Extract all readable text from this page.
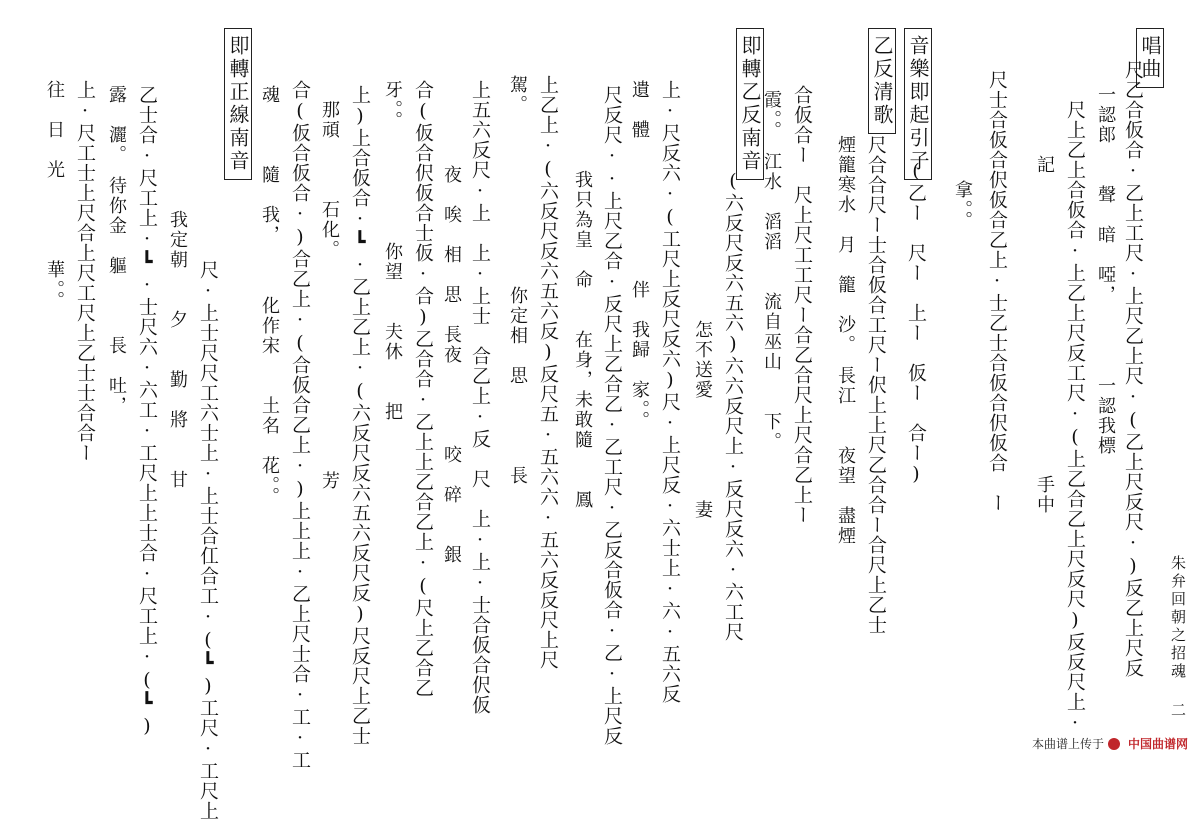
唱曲
音樂即起引子
乙反清歌
即轉乙反南音
即轉正線南音
朱弁回朝之招魂 二
尺乙合仮合·乙上工尺·上尺乙上尺·(乙上尺反尺·)反乙上尺反
一認郎　　聲　暗　啞，　　　　一認我標
尺上乙上合仮合·上乙上尺反工尺·(上乙合乙上尺反尺)反反尺上·
記　　　　　　　　　　　　　　　手中
尺士合仮合伬仮合乙上·士乙士合仮合伬仮合　ー
拿。。
(乙ー　尺ー　上ー　仮ー　合ー)
尺合合尺ー士合仮合工尺ー伬上上尺乙合合ー合尺上乙士
煙籠寒水　月　籠　沙。　長江　　夜望　盡煙
合仮合ー　尺上尺工工尺ー合乙合尺上尺合乙上ー
霞。。　江水　滔滔　　流自巫山　　下。
(六反尺反六五六)六六反尺上·反尺反六·六工尺
怎不送愛　　　　　妻
上·尺反六·(工尺上反尺反六)尺·上尺反·六士上·六·五六反
遺　體　　　　　　　伴　我歸　家。。
尺反尺··上尺乙合·反尺上乙合乙·乙工尺·乙反合仮合·乙·上尺反
我只為皇　命　　在身，未敢隨　　鳳
上乙上·(六反尺反六五六反)反尺五·五六六·五六反反尺上尺
駕。　　　　　　　　　你定相　思　　　　長
上五六反尺·上　上·上士　合乙上·反　尺　上·上·士合仮合伬仮
夜　唉　相　思　長夜　　　　咬　碎　　銀
合(仮合伬仮合士仮·合)乙合合·乙上上乙合乙上·(尺上乙合乙
牙。。　　　　　　你望　　夫休　　把
上)上合仮合·┗·乙上乙上·(六反尺反六五六反尺反)尺反尺上乙士
那頑　　　石化。　　　　　　　　　　　芳
合(仮合仮合·)合乙上·(合仮合乙上·)上上上·乙上尺士合·工·工
魂　　　隨　我，　　　化作宋　　土名　花。。
尺·上士尺尺工六士上·上士合仜合工·(┗)工尺·工尺上
我定朝　　夕　　勤　將　　甘
乙士合·尺工上·┗·士尺六·六工·工尺上上士合·尺工上·(┗)
露　灑。　待你金　軀　　　長　吐，
上·尺工士上尺合上尺工尺上乙士士合合ー
往　日　光　　　　華。。
本曲谱上传于 中国曲谱网
